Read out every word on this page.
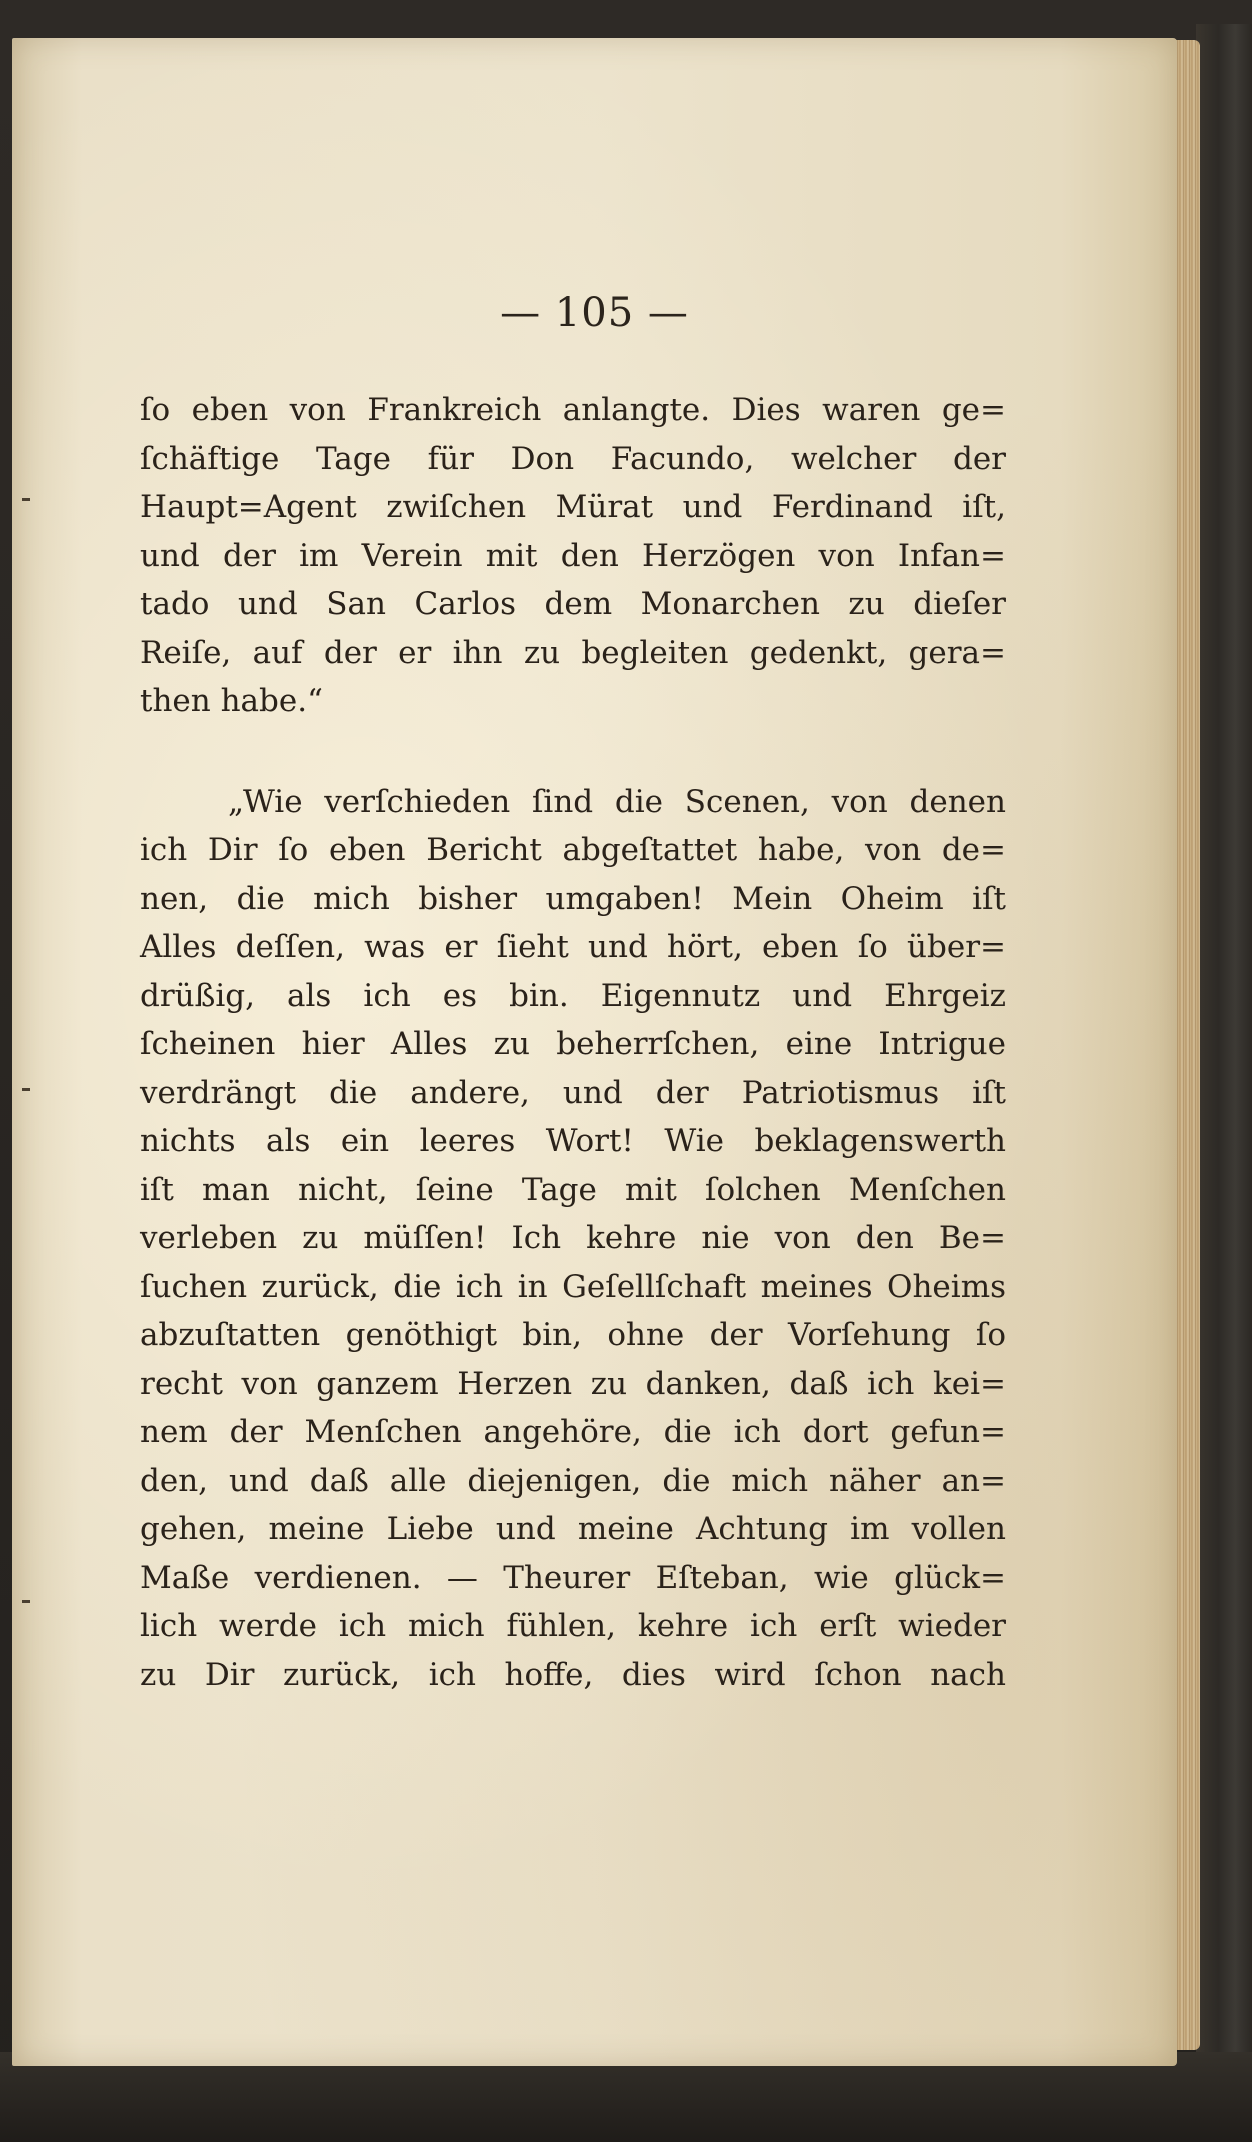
— 105 —
ſo eben von Frankreich anlangte. Dies waren ge=
ſchäftige Tage für Don Facundo, welcher der
Haupt=Agent zwiſchen Mürat und Ferdinand iſt,
und der im Verein mit den Herzögen von Infan=
tado und San Carlos dem Monarchen zu dieſer
Reiſe, auf der er ihn zu begleiten gedenkt, gera=
then habe.“
„Wie verſchieden ſind die Scenen, von denen
ich Dir ſo eben Bericht abgeſtattet habe, von de=
nen, die mich bisher umgaben! Mein Oheim iſt
Alles deſſen, was er ſieht und hört, eben ſo über=
drüßig, als ich es bin. Eigennutz und Ehrgeiz
ſcheinen hier Alles zu beherrſchen, eine Intrigue
verdrängt die andere, und der Patriotismus iſt
nichts als ein leeres Wort! Wie beklagenswerth
iſt man nicht, ſeine Tage mit ſolchen Menſchen
verleben zu müſſen! Ich kehre nie von den Be=
ſuchen zurück, die ich in Geſellſchaft meines Oheims
abzuſtatten genöthigt bin, ohne der Vorſehung ſo
recht von ganzem Herzen zu danken, daß ich kei=
nem der Menſchen angehöre, die ich dort gefun=
den, und daß alle diejenigen, die mich näher an=
gehen, meine Liebe und meine Achtung im vollen
Maße verdienen. — Theurer Eſteban, wie glück=
lich werde ich mich fühlen, kehre ich erſt wieder
zu Dir zurück, ich hoffe, dies wird ſchon nach
